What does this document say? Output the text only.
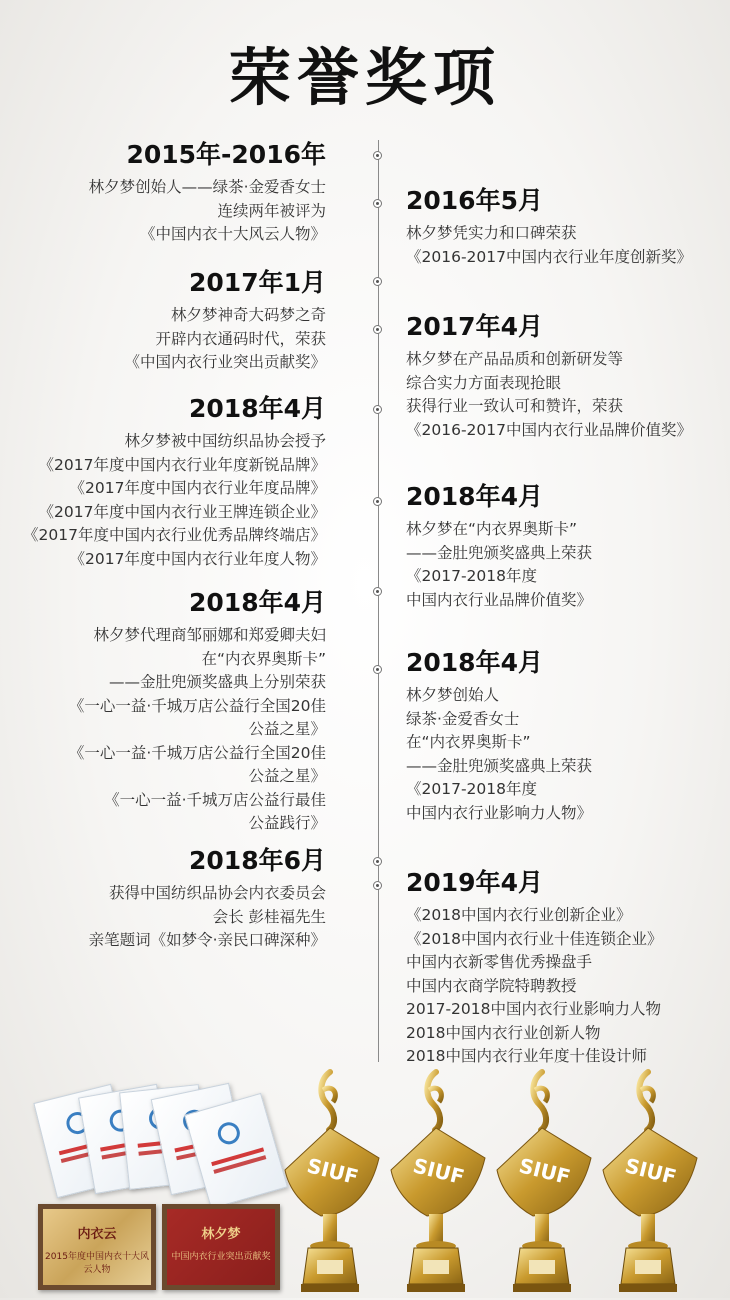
荣誉奖项
2015年-2016年
林夕梦创始人——绿茶·金爱香女士
连续两年被评为
《中国内衣十大风云人物》
2017年1月
林夕梦神奇大码梦之奇
开辟内衣通码时代，荣获
《中国内衣行业突出贡献奖》
2018年4月
林夕梦被中国纺织品协会授予
《2017年度中国内衣行业年度新锐品牌》
《2017年度中国内衣行业年度品牌》
《2017年度中国内衣行业王牌连锁企业》
《2017年度中国内衣行业优秀品牌终端店》
《2017年度中国内衣行业年度人物》
2018年4月
林夕梦代理商邹丽娜和郑爱卿夫妇
在“内衣界奥斯卡”
——金肚兜颁奖盛典上分别荣获
《一心一益·千城万店公益行全国20佳
公益之星》
《一心一益·千城万店公益行全国20佳
公益之星》
《一心一益·千城万店公益行最佳
公益践行》
2018年6月
获得中国纺织品协会内衣委员会
会长 彭桂福先生
亲笔题词《如梦令·亲民口碑深种》
2016年5月
林夕梦凭实力和口碑荣获
《2016-2017中国内衣行业年度创新奖》
2017年4月
林夕梦在产品品质和创新研发等
综合实力方面表现抢眼
获得行业一致认可和赞许，荣获
《2016-2017中国内衣行业品牌价值奖》
2018年4月
林夕梦在“内衣界奥斯卡”
——金肚兜颁奖盛典上荣获
《2017-2018年度
中国内衣行业品牌价值奖》
2018年4月
林夕梦创始人
绿茶·金爱香女士
在“内衣界奥斯卡”
——金肚兜颁奖盛典上荣获
《2017-2018年度
中国内衣行业影响力人物》
2019年4月
《2018中国内衣行业创新企业》
《2018中国内衣行业十佳连锁企业》
中国内衣新零售优秀操盘手
中国内衣商学院特聘教授
2017-2018中国内衣行业影响力人物
2018中国内衣行业创新人物
2018中国内衣行业年度十佳设计师
内衣云
2015年度中国内衣十大风云人物
林夕梦
中国内衣行业突出贡献奖
SIUF SIUF SIUF SIUF
